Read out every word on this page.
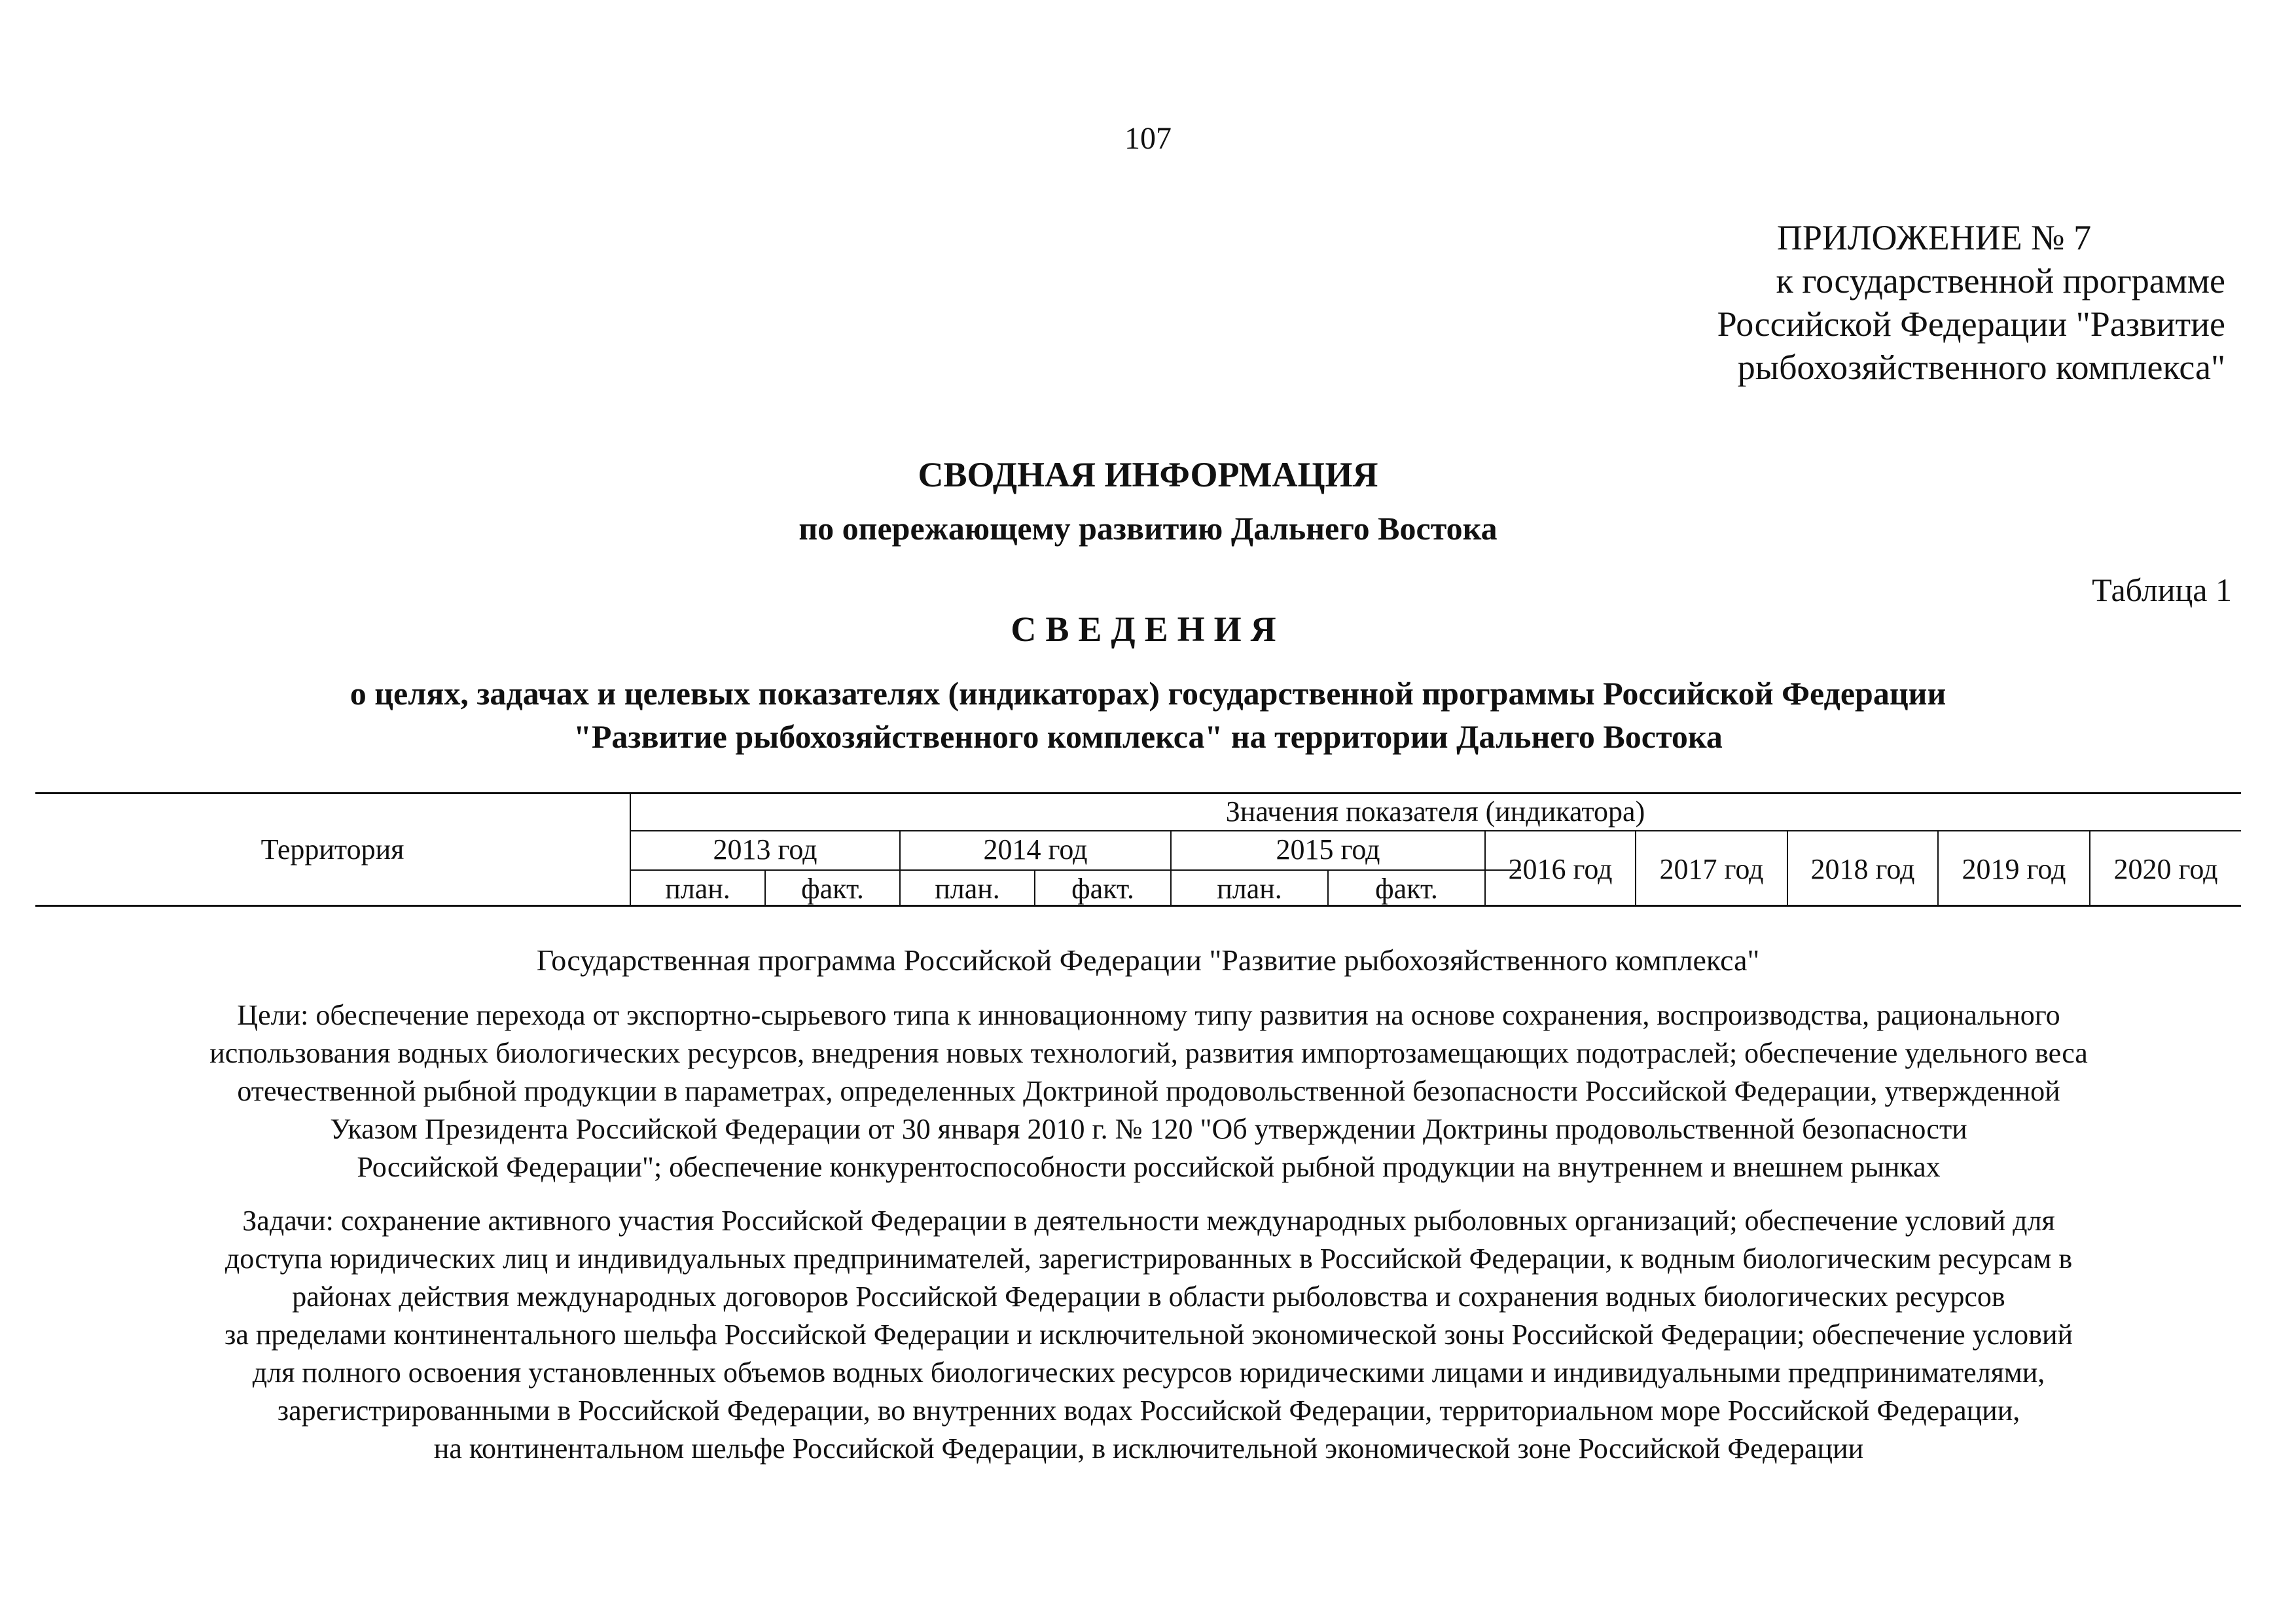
107
ПРИЛОЖЕНИЕ № 7
к государственной программе
Российской Федерации "Развитие
рыбохозяйственного комплекса"
СВОДНАЯ ИНФОРМАЦИЯ
по опережающему развитию Дальнего Востока
Таблица 1
СВЕДЕНИЯ
о целях, задачах и целевых показателях (индикаторах) государственной программы Российской Федерации
"Развитие рыбохозяйственного комплекса" на территории Дальнего Востока
Территория
Значения показателя (индикатора)
2013 год	2014 год	2015 год
план.	факт.	план.	факт.	план.	факт.
2016 год	2017 год	2018 год	2019 год	2020 год
Государственная программа Российской Федерации "Развитие рыбохозяйственного комплекса"
Цели: обеспечение перехода от экспортно-сырьевого типа к инновационному типу развития на основе сохранения, воспроизводства, рационального
использования водных биологических ресурсов, внедрения новых технологий, развития импортозамещающих подотраслей; обеспечение удельного веса
отечественной рыбной продукции в параметрах, определенных Доктриной продовольственной безопасности Российской Федерации, утвержденной
Указом Президента Российской Федерации от 30 января 2010 г. № 120 "Об утверждении Доктрины продовольственной безопасности
Российской Федерации"; обеспечение конкурентоспособности российской рыбной продукции на внутреннем и внешнем рынках
Задачи: сохранение активного участия Российской Федерации в деятельности международных рыболовных организаций; обеспечение условий для
доступа юридических лиц и индивидуальных предпринимателей, зарегистрированных в Российской Федерации, к водным биологическим ресурсам в
районах действия международных договоров Российской Федерации в области рыболовства и сохранения водных биологических ресурсов
за пределами континентального шельфа Российской Федерации и исключительной экономической зоны Российской Федерации; обеспечение условий
для полного освоения установленных объемов водных биологических ресурсов юридическими лицами и индивидуальными предпринимателями,
зарегистрированными в Российской Федерации, во внутренних водах Российской Федерации, территориальном море Российской Федерации,
на континентальном шельфе Российской Федерации, в исключительной экономической зоне Российской Федерации
